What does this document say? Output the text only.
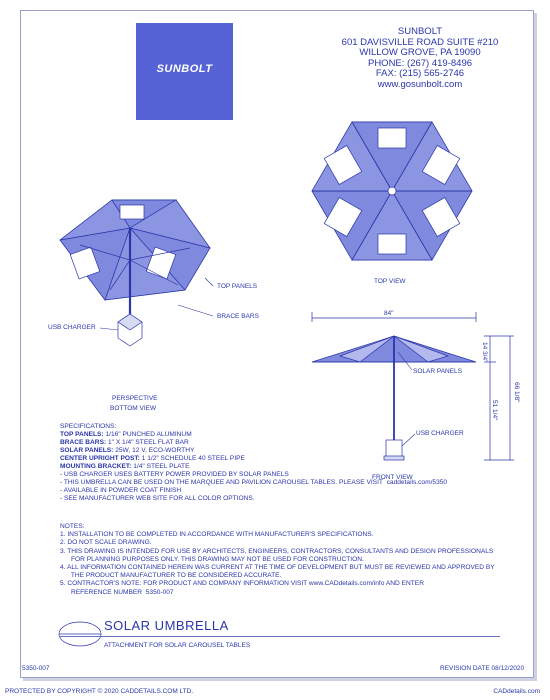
SUNBOLT
SUNBOLT
601 DAVISVILLE ROAD SUITE #210
WILLOW GROVE, PA 19090
PHONE: (267) 419-8496
FAX: (215) 565-2746
www.gosunbolt.com
TOP VIEW
TOP PANELS
BRACE BARS
USB CHARGER
PERSPECTIVE
BOTTOM VIEW
84"
14 3/4"
51 1/4"
66 1/8"
SOLAR PANELS
USB CHARGER
FRONT VIEW
SPECIFICATIONS:
TOP PANELS: 1/16" PUNCHED ALUMINUM
BRACE BARS: 1" X 1/4" STEEL FLAT BAR
SOLAR PANELS: 25W, 12 V, ECO-WORTHY
CENTER UPRIGHT POST: 1 1/2" SCHEDULE 40 STEEL PIPE
MOUNTING BRACKET: 1/4" STEEL PLATE
- USB CHARGER USES BATTERY POWER PROVIDED BY SOLAR PANELS
- THIS UMBRELLA CAN BE USED ON THE MARQUEE AND PAVILION CAROUSEL TABLES. PLEASE VISIT caddetails.com/5350
- AVAILABLE IN POWDER COAT FINISH
- SEE MANUFACTURER WEB SITE FOR ALL COLOR OPTIONS.
NOTES:
1. INSTALLATION TO BE COMPLETED IN ACCORDANCE WITH MANUFACTURER'S SPECIFICATIONS.
2. DO NOT SCALE DRAWING.
3. THIS DRAWING IS INTENDED FOR USE BY ARCHITECTS, ENGINEERS, CONTRACTORS, CONSULTANTS AND DESIGN PROFESSIONALS
FOR PLANNING PURPOSES ONLY. THIS DRAWING MAY NOT BE USED FOR CONSTRUCTION.
4. ALL INFORMATION CONTAINED HEREIN WAS CURRENT AT THE TIME OF DEVELOPMENT BUT MUST BE REVIEWED AND APPROVED BY
THE PRODUCT MANUFACTURER TO BE CONSIDERED ACCURATE.
5. CONTRACTOR'S NOTE: FOR PRODUCT AND COMPANY INFORMATION VISIT www.CADdetails.com/info AND ENTER
REFERENCE NUMBER  5350-007
SOLAR UMBRELLA
ATTACHMENT FOR SOLAR CAROUSEL TABLES
5350-007	REVISION DATE 08/12/2020
PROTECTED BY COPYRIGHT © 2020 CADDETAILS.COM LTD.	CADdetails.com
